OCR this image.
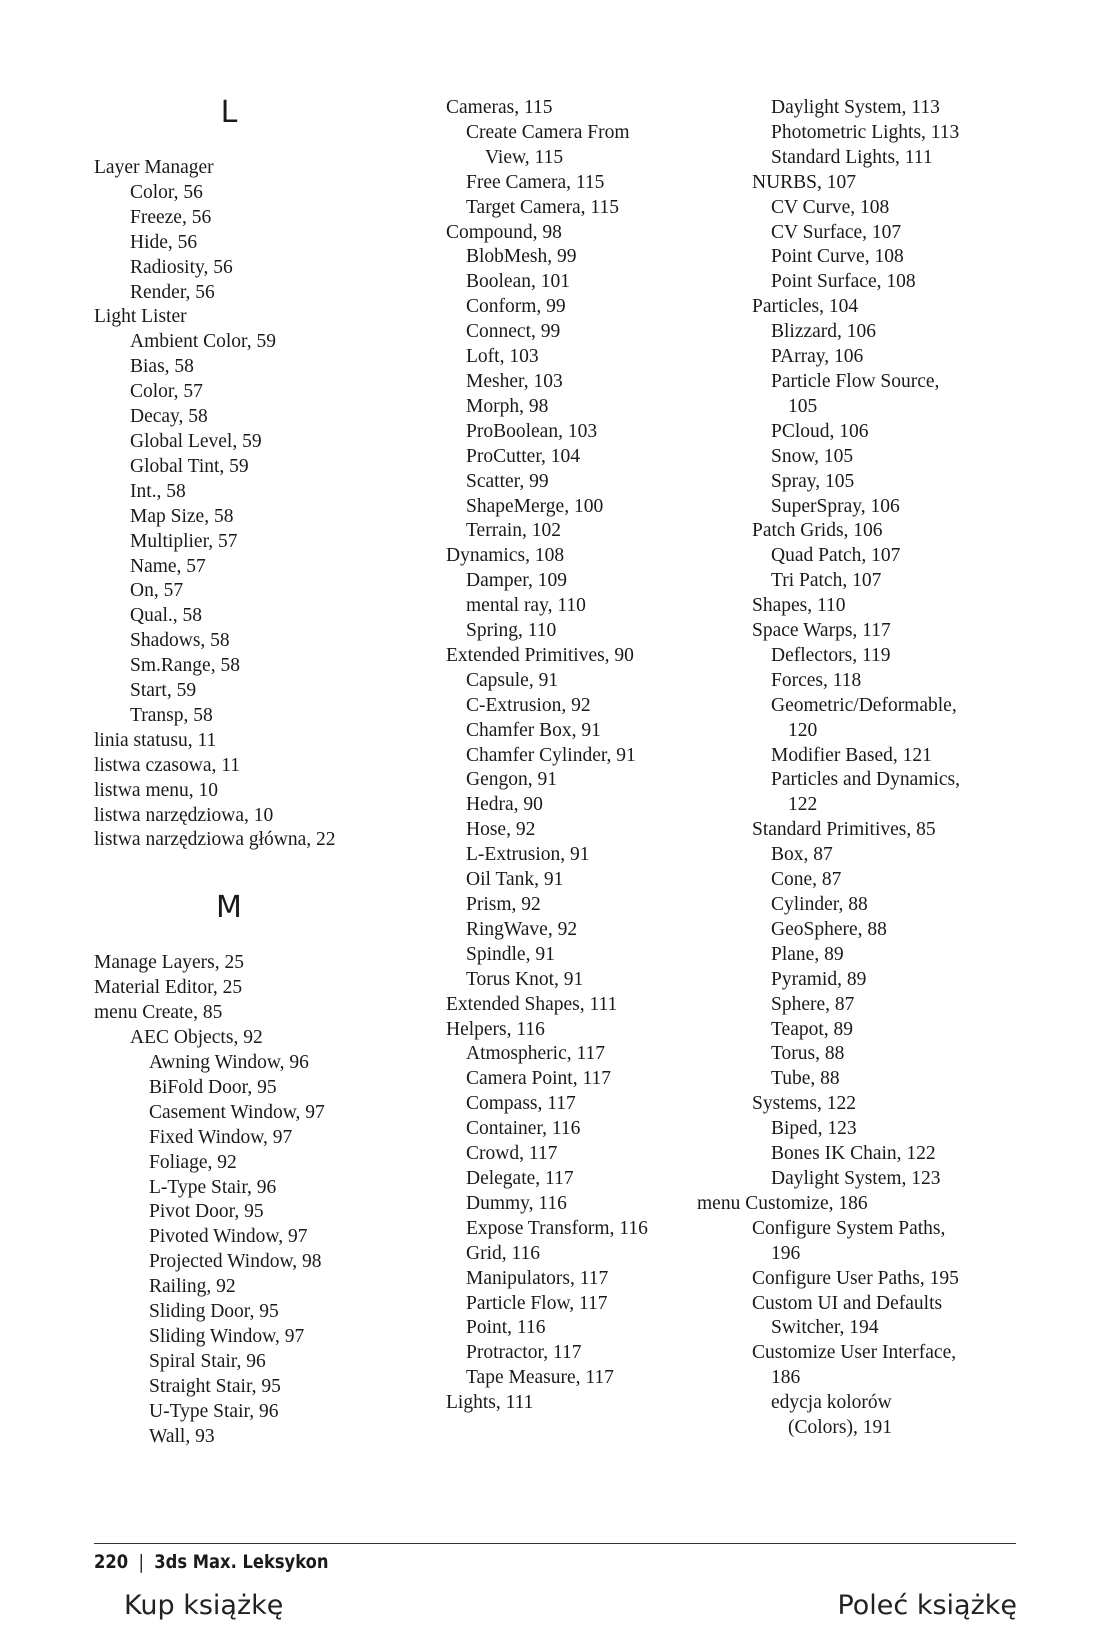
L
Layer Manager
Color, 56
Freeze, 56
Hide, 56
Radiosity, 56
Render, 56
Light Lister
Ambient Color, 59
Bias, 58
Color, 57
Decay, 58
Global Level, 59
Global Tint, 59
Int., 58
Map Size, 58
Multiplier, 57
Name, 57
On, 57
Qual., 58
Shadows, 58
Sm.Range, 58
Start, 59
Transp, 58
linia statusu, 11
listwa czasowa, 11
listwa menu, 10
listwa narzędziowa, 10
listwa narzędziowa główna, 22
M
Manage Layers, 25
Material Editor, 25
menu Create, 85
AEC Objects, 92
Awning Window, 96
BiFold Door, 95
Casement Window, 97
Fixed Window, 97
Foliage, 92
L-Type Stair, 96
Pivot Door, 95
Pivoted Window, 97
Projected Window, 98
Railing, 92
Sliding Door, 95
Sliding Window, 97
Spiral Stair, 96
Straight Stair, 95
U-Type Stair, 96
Wall, 93
Cameras, 115
Create Camera From
View, 115
Free Camera, 115
Target Camera, 115
Compound, 98
BlobMesh, 99
Boolean, 101
Conform, 99
Connect, 99
Loft, 103
Mesher, 103
Morph, 98
ProBoolean, 103
ProCutter, 104
Scatter, 99
ShapeMerge, 100
Terrain, 102
Dynamics, 108
Damper, 109
mental ray, 110
Spring, 110
Extended Primitives, 90
Capsule, 91
C-Extrusion, 92
Chamfer Box, 91
Chamfer Cylinder, 91
Gengon, 91
Hedra, 90
Hose, 92
L-Extrusion, 91
Oil Tank, 91
Prism, 92
RingWave, 92
Spindle, 91
Torus Knot, 91
Extended Shapes, 111
Helpers, 116
Atmospheric, 117
Camera Point, 117
Compass, 117
Container, 116
Crowd, 117
Delegate, 117
Dummy, 116
Expose Transform, 116
Grid, 116
Manipulators, 117
Particle Flow, 117
Point, 116
Protractor, 117
Tape Measure, 117
Lights, 111
Daylight System, 113
Photometric Lights, 113
Standard Lights, 111
NURBS, 107
CV Curve, 108
CV Surface, 107
Point Curve, 108
Point Surface, 108
Particles, 104
Blizzard, 106
PArray, 106
Particle Flow Source,
105
PCloud, 106
Snow, 105
Spray, 105
SuperSpray, 106
Patch Grids, 106
Quad Patch, 107
Tri Patch, 107
Shapes, 110
Space Warps, 117
Deflectors, 119
Forces, 118
Geometric/Deformable,
120
Modifier Based, 121
Particles and Dynamics,
122
Standard Primitives, 85
Box, 87
Cone, 87
Cylinder, 88
GeoSphere, 88
Plane, 89
Pyramid, 89
Sphere, 87
Teapot, 89
Torus, 88
Tube, 88
Systems, 122
Biped, 123
Bones IK Chain, 122
Daylight System, 123
menu Customize, 186
Configure System Paths,
196
Configure User Paths, 195
Custom UI and Defaults
Switcher, 194
Customize User Interface,
186
edycja kolorów
(Colors), 191
220 | 3ds Max. Leksykon
Kup książkę	Poleć książkę
